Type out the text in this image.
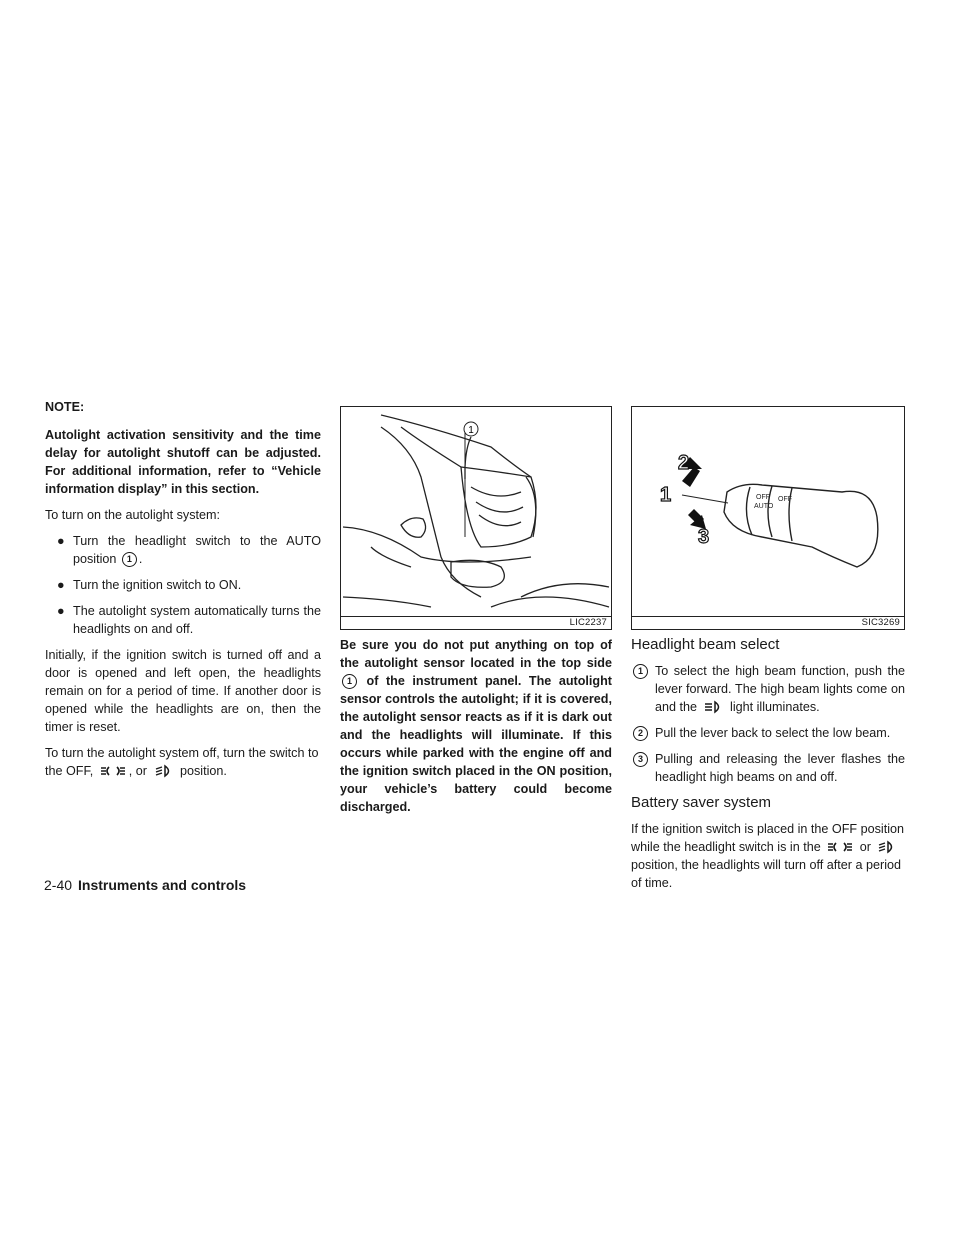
NOTE:

Autolight activation sensitivity and the time delay for autolight shutoff can be adjusted. For additional information, refer to “Vehicle information display” in this section.

To turn on the autolight system:

● Turn the headlight switch to the AUTO position 1 .
● Turn the ignition switch to ON.
● The autolight system automatically turns the headlights on and off.

Initially, if the ignition switch is turned off and a door is opened and left open, the headlights remain on for a period of time. If another door is opened while the headlights are on, then the timer is reset.

To turn the autolight system off, turn the switch to the OFF,	, or	position.

1
LIC2237

Be sure you do not put anything on top of the autolight sensor located in the top side 1 of the instrument panel. The autolight sensor controls the autolight; if it is covered, the autolight sensor reacts as if it is dark out and the headlights will illuminate. If this occurs while parked with the engine off and the ignition switch placed in the ON position, your vehicle’s battery could become discharged.

OFF
AUTO
OFF
2
1
3
SIC3269
Headlight beam select
1 To select the high beam function, push the lever forward. The high beam lights come on and the	light illuminates.
2 Pull the lever back to select the low beam.
3 Pulling and releasing the lever flashes the headlight high beams on and off.
Battery saver system

If the ignition switch is placed in the OFF position while the headlight switch is in the	or  position, the headlights will turn off after a period of time.

2-40 Instruments and controls
